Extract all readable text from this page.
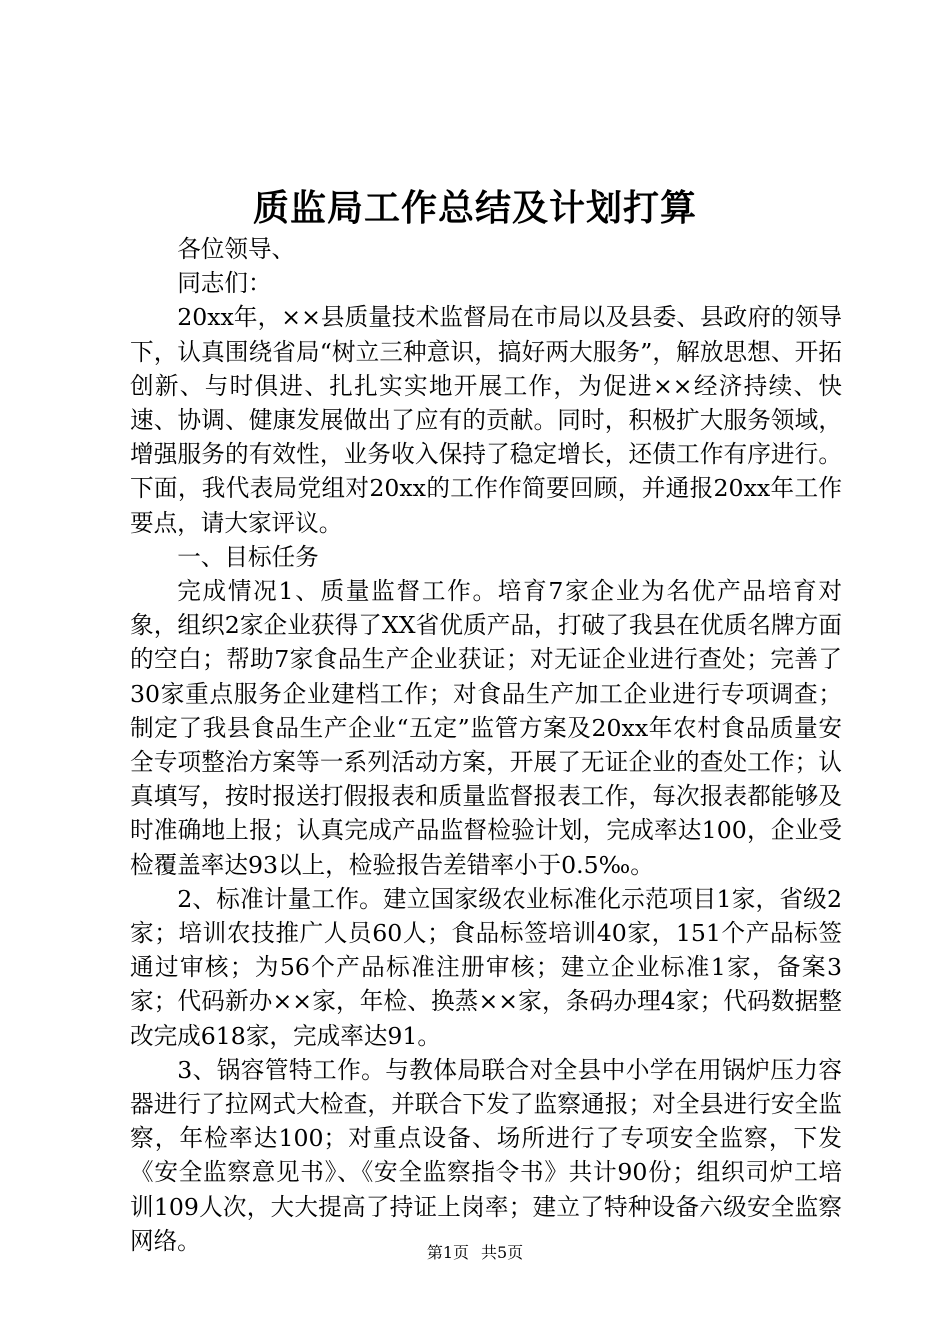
质监局工作总结及计划打算

各位领导、

同志们：

20xx年，××县质量技术监督局在市局以及县委、县政府的领导下，认真围绕省局“树立三种意识，搞好两大服务”，解放思想、开拓创新、与时俱进、扎扎实实地开展工作，为促进××经济持续、快速、协调、健康发展做出了应有的贡献。同时，积极扩大服务领域，增强服务的有效性，业务收入保持了稳定增长，还债工作有序进行。下面，我代表局党组对20xx的工作作简要回顾，并通报20xx年工作要点，请大家评议。

一、目标任务

完成情况1、质量监督工作。培育7家企业为名优产品培育对象，组织2家企业获得了XX省优质产品，打破了我县在优质名牌方面的空白；帮助7家食品生产企业获证；对无证企业进行查处；完善了30家重点服务企业建档工作；对食品生产加工企业进行专项调查；制定了我县食品生产企业“五定”监管方案及20xx年农村食品质量安全专项整治方案等一系列活动方案，开展了无证企业的查处工作；认真填写，按时报送打假报表和质量监督报表工作，每次报表都能够及时准确地上报；认真完成产品监督检验计划，完成率达100，企业受检覆盖率达93以上，检验报告差错率小于0.5‰。

2、标准计量工作。建立国家级农业标准化示范项目1家，省级2家；培训农技推广人员60人；食品标签培训40家，151个产品标签通过审核；为56个产品标准注册审核；建立企业标准1家，备案3家；代码新办××家，年检、换蒸××家，条码办理4家；代码数据整改完成618家，完成率达91。

3、锅容管特工作。与教体局联合对全县中小学在用锅炉压力容器进行了拉网式大检查，并联合下发了监察通报；对全县进行安全监察，年检率达100；对重点设备、场所进行了专项安全监察，下发《安全监察意见书》、《安全监察指令书》共计90份；组织司炉工培训109人次，大大提高了持证上岗率；建立了特种设备六级安全监察网络。	第1页 共5页
